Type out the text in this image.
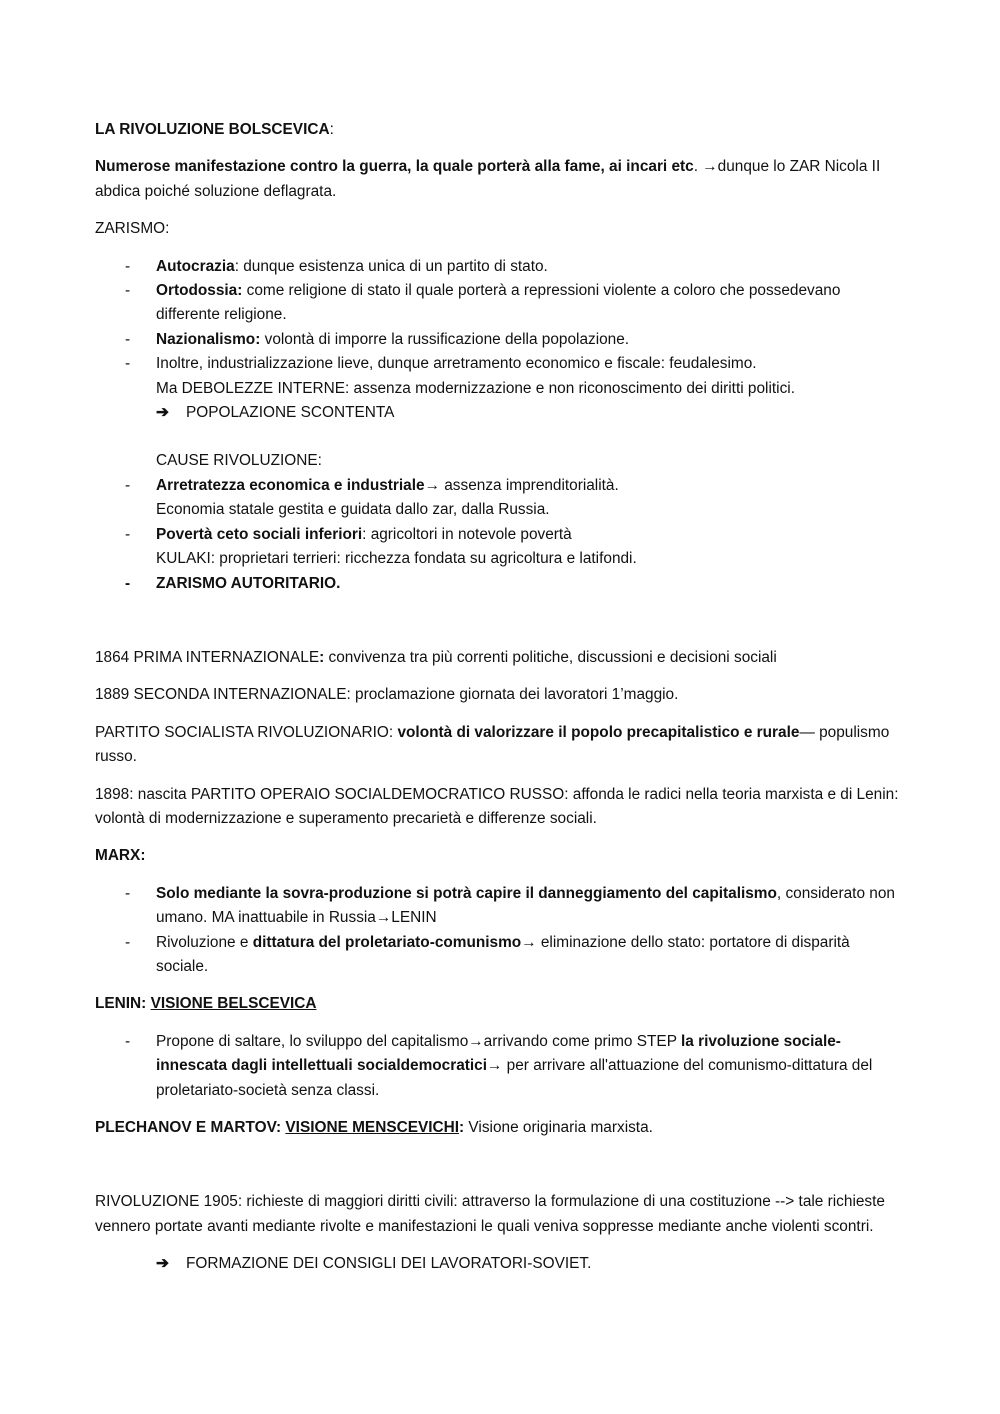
LA RIVOLUZIONE BOLSCEVICA:

Numerose manifestazione contro la guerra, la quale porterà alla fame, ai incari etc. →dunque lo ZAR Nicola II abdica poiché soluzione deflagrata.

ZARISMO:

- Autocrazia: dunque esistenza unica di un partito di stato.
- Ortodossia: come religione di stato il quale porterà a repressioni violente a coloro che possedevano differente religione.
- Nazionalismo: volontà di imporre la russificazione della popolazione.
- Inoltre, industrializzazione lieve, dunque arretramento economico e fiscale: feudalesimo.
Ma DEBOLEZZE INTERNE: assenza modernizzazione e non riconoscimento dei diritti politici.
➔ POPOLAZIONE SCONTENTA

CAUSE RIVOLUZIONE:

- Arretratezza economica e industriale→ assenza imprenditorialità.
Economia statale gestita e guidata dallo zar, dalla Russia.
- Povertà ceto sociali inferiori: agricoltori in notevole povertà
KULAKI: proprietari terrieri: ricchezza fondata su agricoltura e latifondi.
- ZARISMO AUTORITARIO.

1864 PRIMA INTERNAZIONALE: convivenza tra più correnti politiche, discussioni e decisioni sociali

1889 SECONDA INTERNAZIONALE: proclamazione giornata dei lavoratori 1’maggio.

PARTITO SOCIALISTA RIVOLUZIONARIO: volontà di valorizzare il popolo precapitalistico e rurale— populismo russo.

1898: nascita PARTITO OPERAIO SOCIALDEMOCRATICO RUSSO: affonda le radici nella teoria marxista e di Lenin: volontà di modernizzazione e superamento precarietà e differenze sociali.

MARX:

- Solo mediante la sovra-produzione si potrà capire il danneggiamento del capitalismo, considerato non umano. MA inattuabile in Russia→LENIN
- Rivoluzione e dittatura del proletariato-comunismo→ eliminazione dello stato: portatore di disparità sociale.

LENIN: VISIONE BELSCEVICA

- Propone di saltare, lo sviluppo del capitalismo→arrivando come primo STEP la rivoluzione sociale-innescata dagli intellettuali socialdemocratici→ per arrivare all'attuazione del comunismo-dittatura del proletariato-società senza classi.

PLECHANOV E MARTOV: VISIONE MENSCEVICHI: Visione originaria marxista.

RIVOLUZIONE 1905: richieste di maggiori diritti civili: attraverso la formulazione di una costituzione --> tale richieste vennero portate avanti mediante rivolte e manifestazioni le quali veniva soppresse mediante anche violenti scontri.

➔ FORMAZIONE DEI CONSIGLI DEI LAVORATORI-SOVIET.
